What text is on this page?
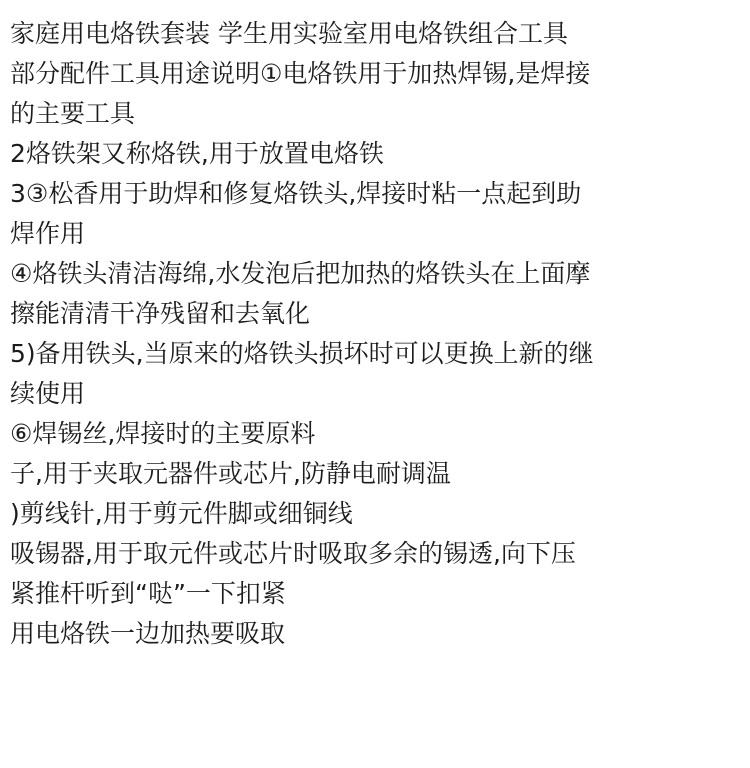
家庭用电烙铁套装 学生用实验室用电烙铁组合工具
部分配件工具用途说明①电烙铁用于加热焊锡,是焊接
的主要工具
2烙铁架又称烙铁,用于放置电烙铁
3③松香用于助焊和修复烙铁头,焊接时粘一点起到助
焊作用
④烙铁头清洁海绵,水发泡后把加热的烙铁头在上面摩
擦能清清干净残留和去氧化
5)备用铁头,当原来的烙铁头损坏时可以更换上新的继
续使用
⑥焊锡丝,焊接时的主要原料
子,用于夹取元器件或芯片,防静电耐调温
)剪线针,用于剪元件脚或细铜线
吸锡器,用于取元件或芯片时吸取多余的锡透,向下压
紧推杆听到“哒”一下扣紧
用电烙铁一边加热要吸取
